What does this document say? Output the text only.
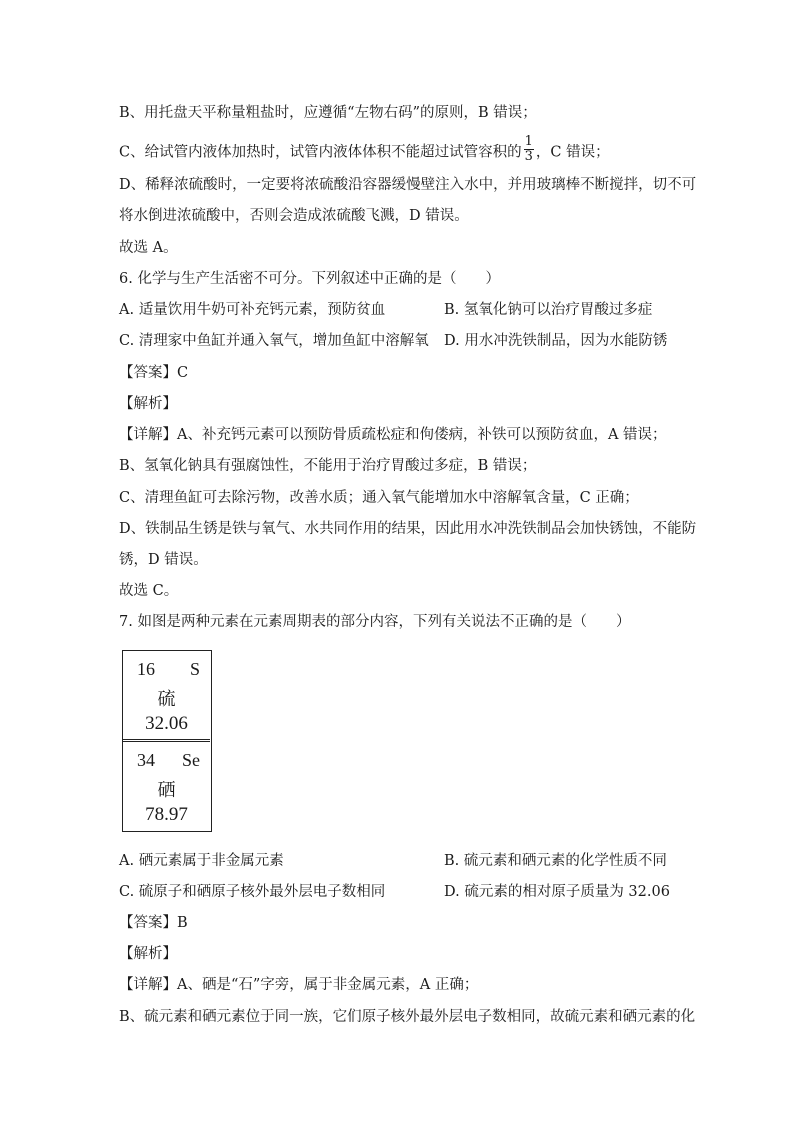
B、用托盘天平称量粗盐时，应遵循“左物右码”的原则，B 错误；
C、给试管内液体加热时，试管内液体体积不能超过试管容积的 $\frac{1}{3}$ ，C 错误；
D、稀释浓硫酸时，一定要将浓硫酸沿容器缓慢壁注入水中，并用玻璃棒不断搅拌，切不可
将水倒进浓硫酸中，否则会造成浓硫酸飞溅，D 错误。
故选 A。
6. 化学与生产生活密不可分。下列叙述中正确的是（　　）
A. 适量饮用牛奶可补充钙元素，预防贫血	B. 氢氧化钠可以治疗胃酸过多症
C. 清理家中鱼缸并通入氧气，增加鱼缸中溶解氧 D. 用水冲洗铁制品，因为水能防锈
【答案】C
【解析】
【详解】A、补充钙元素可以预防骨质疏松症和佝偻病，补铁可以预防贫血，A 错误；
B、氢氧化钠具有强腐蚀性，不能用于治疗胃酸过多症，B 错误；
C、清理鱼缸可去除污物，改善水质；通入氧气能增加水中溶解氧含量，C 正确；
D、铁制品生锈是铁与氧气、水共同作用的结果，因此用水冲洗铁制品会加快锈蚀，不能防
锈，D 错误。
故选 C。
7. 如图是两种元素在元素周期表的部分内容，下列有关说法不正确的是（　　）
16 S
硫
32.06
34 Se
硒
78.97
A. 硒元素属于非金属元素	B. 硫元素和硒元素的化学性质不同
C. 硫原子和硒原子核外最外层电子数相同	D. 硫元素的相对原子质量为 32.06
【答案】B
【解析】
【详解】A、硒是“石”字旁，属于非金属元素，A 正确；
B、硫元素和硒元素位于同一族，它们原子核外最外层电子数相同，故硫元素和硒元素的化
